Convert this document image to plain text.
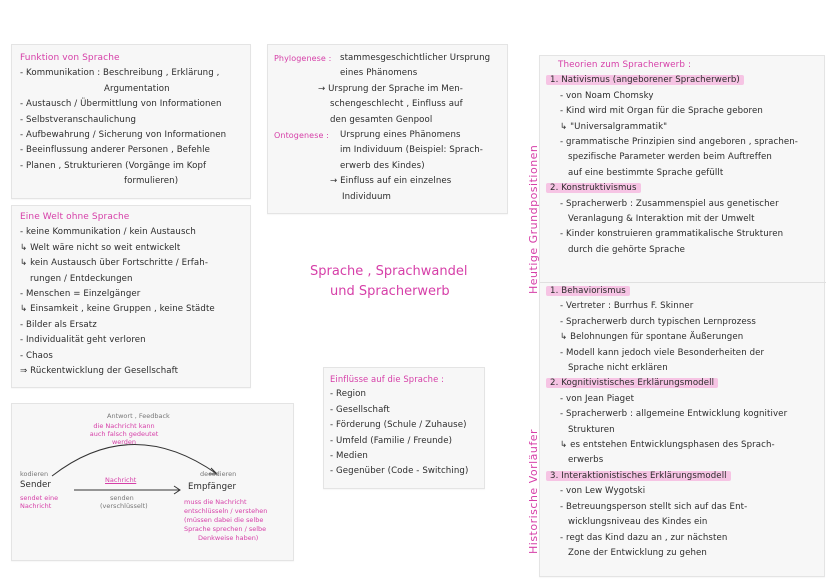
Funktion von Sprache
- Kommunikation : Beschreibung , Erklärung ,
Argumentation
- Austausch / Übermittlung von Informationen
- Selbstveranschaulichung
- Aufbewahrung / Sicherung von Informationen
- Beeinflussung anderer Personen , Befehle
- Planen , Strukturieren (Vorgänge im Kopf
formulieren)
Eine Welt ohne Sprache
- keine Kommunikation / kein Austausch
↳ Welt wäre nicht so weit entwickelt
↳ kein Austausch über Fortschritte / Erfah-
rungen / Entdeckungen
- Menschen = Einzelgänger
↳ Einsamkeit , keine Gruppen , keine Städte
- Bilder als Ersatz
- Individualität geht verloren
- Chaos
⇒ Rückentwicklung der Gesellschaft
Antwort , Feedback
die Nachricht kann auch falsch gedeutet werden
kodieren
Sender
sendet eine Nachricht
Nachricht
senden
(verschlüsselt)
decodieren
Empfänger
muss die Nachricht
entschlüsseln / verstehen
(müssen dabei die selbe
Sprache sprechen / selbe
Denkweise haben)
Phylogenese :	stammesgeschichtlicher Ursprung
eines Phänomens
→ Ursprung der Sprache im Men-
schengeschlecht , Einfluss auf
den gesamten Genpool
Ontogenese :	Ursprung eines Phänomens
im Individuum (Beispiel: Sprach-
erwerb des Kindes)
→ Einfluss auf ein einzelnes
Individuum
Sprache , Sprachwandel
und Spracherwerb
Einflüsse auf die Sprache :
- Region
- Gesellschaft
- Förderung (Schule / Zuhause)
- Umfeld (Familie / Freunde)
- Medien
- Gegenüber (Code - Switching)
Heutige Grundpositionen
Historische Vorläufer
Theorien zum Spracherwerb :
1. Nativismus (angeborener Spracherwerb)
- von Noam Chomsky
- Kind wird mit Organ für die Sprache geboren
↳ "Universalgrammatik"
- grammatische Prinzipien sind angeboren , sprachen-
spezifische Parameter werden beim Auftreffen
auf eine bestimmte Sprache gefüllt
2. Konstruktivismus
- Spracherwerb : Zusammenspiel aus genetischer
Veranlagung & Interaktion mit der Umwelt
- Kinder konstruieren grammatikalische Strukturen
durch die gehörte Sprache
1. Behaviorismus
- Vertreter : Burrhus F. Skinner
- Spracherwerb durch typischen Lernprozess
↳ Belohnungen für spontane Äußerungen
- Modell kann jedoch viele Besonderheiten der
Sprache nicht erklären
2. Kognitivistisches Erklärungsmodell
- von Jean Piaget
- Spracherwerb : allgemeine Entwicklung kognitiver
Strukturen
↳ es entstehen Entwicklungsphasen des Sprach-
erwerbs
3. Interaktionistisches Erklärungsmodell
- von Lew Wygotski
- Betreuungsperson stellt sich auf das Ent-
wicklungsniveau des Kindes ein
- regt das Kind dazu an , zur nächsten
Zone der Entwicklung zu gehen
